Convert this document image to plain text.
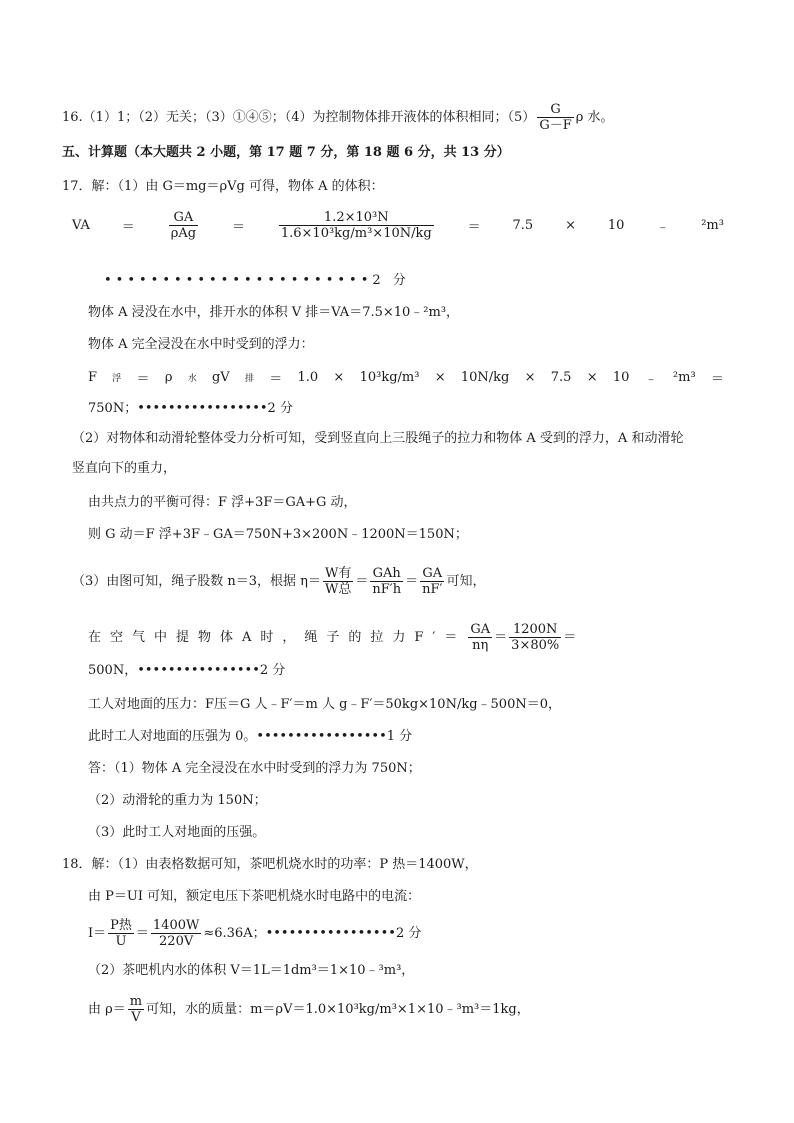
16.（1）1；（2）无关；（3）①④⑤；（4）为控制物体排开液体的体积相同；$(5) \frac{G}{G-F}$ ρ 水。
五、计算题（本大题共 2 小题，第 17 题 7 分，第 18 题 6 分，共 13 分）
17．解：（1）由 G＝mg＝ρVg 可得，物体 A 的体积：
VA ＝	$\frac{GA}{\text{ρAg}}$	＝	$\frac{\text{1.2×10³N}}{\text{1.6×10³kg/m³×10N/kg}}$	＝ 7.5 × 10 ﹣ ²m³
•••••••••••••••••••••••2 分
物体 A 浸没在水中，排开水的体积 V 排＝VA＝7.5×10﹣²m³，
物体 A 完全浸没在水中时受到的浮力：
F 浮 ＝ ρ 水 gV 排 ＝ 1.0 × 10³kg/m³ × 10N/kg × 7.5 × 10 ﹣ ²m³ ＝
750N；•••••••••••••••••2 分
（2）对物体和动滑轮整体受力分析可知，受到竖直向上三股绳子的拉力和物体 A 受到的浮力，A 和动滑轮
竖直向下的重力，
由共点力的平衡可得：F 浮+3F＝GA+G 动，
则 G 动＝F 浮+3F﹣GA＝750N+3×200N﹣1200N＝150N；
（3）由图可知，绳子股数 n＝3，根据 $\eta= \frac{\text{W有}}{\text{W总}} = \frac{\text{GAh}}{nF'h} = \frac{GA}{nF'}$ 可知，
在空气中提物体A时，绳子的拉力$F'= \frac{GA}{n\eta} = \frac{1200N}{3\times 80\%}$ ＝
500N，••••••••••••••••2 分
工人对地面的压力：F压＝G 人﹣F′＝m 人 g﹣F′＝50kg×10N/kg﹣500N＝0，
此时工人对地面的压强为 0。•••••••••••••••••1 分
答：（1）物体 A 完全浸没在水中时受到的浮力为 750N；
（2）动滑轮的重力为 150N；
（3）此时工人对地面的压强。
18．解：（1）由表格数据可知，茶吧机烧水时的功率：P 热＝1400W，
由 P＝UI 可知，额定电压下茶吧机烧水时电路中的电流：
$I= \frac{\text{P热}}{U} = \frac{1400W}{220V} \approx 6.36A$；•••••••••••••••••2 分
（2）茶吧机内水的体积 V＝1L＝1dm³＝1×10﹣³m³，
由 $\rho= \frac{m}{V}$ 可知，水的质量：m＝ρV＝1.0×10³kg/m³×1×10﹣³m³＝1kg，
